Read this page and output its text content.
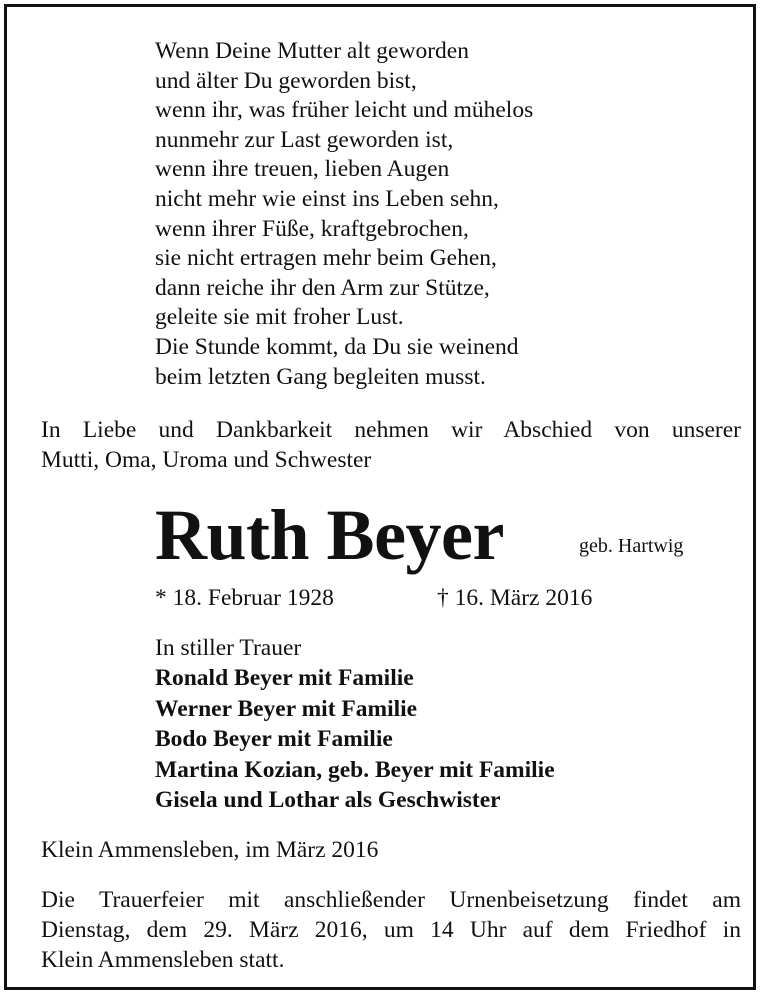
Wenn Deine Mutter alt geworden
und älter Du geworden bist,
wenn ihr, was früher leicht und mühelos
nunmehr zur Last geworden ist,
wenn ihre treuen, lieben Augen
nicht mehr wie einst ins Leben sehn,
wenn ihrer Füße, kraftgebrochen,
sie nicht ertragen mehr beim Gehen,
dann reiche ihr den Arm zur Stütze,
geleite sie mit froher Lust.
Die Stunde kommt, da Du sie weinend
beim letzten Gang begleiten musst.
In Liebe und Dankbarkeit nehmen wir Abschied von unserer
Mutti, Oma, Uroma und Schwester
Ruth Beyer	geb. Hartwig
* 18. Februar 1928	† 16. März 2016
In stiller Trauer
Ronald Beyer mit Familie
Werner Beyer mit Familie
Bodo Beyer mit Familie
Martina Kozian, geb. Beyer mit Familie
Gisela und Lothar als Geschwister
Klein Ammensleben, im März 2016
Die Trauerfeier mit anschließender Urnenbeisetzung findet am
Dienstag, dem 29. März 2016, um 14 Uhr auf dem Friedhof in
Klein Ammensleben statt.
